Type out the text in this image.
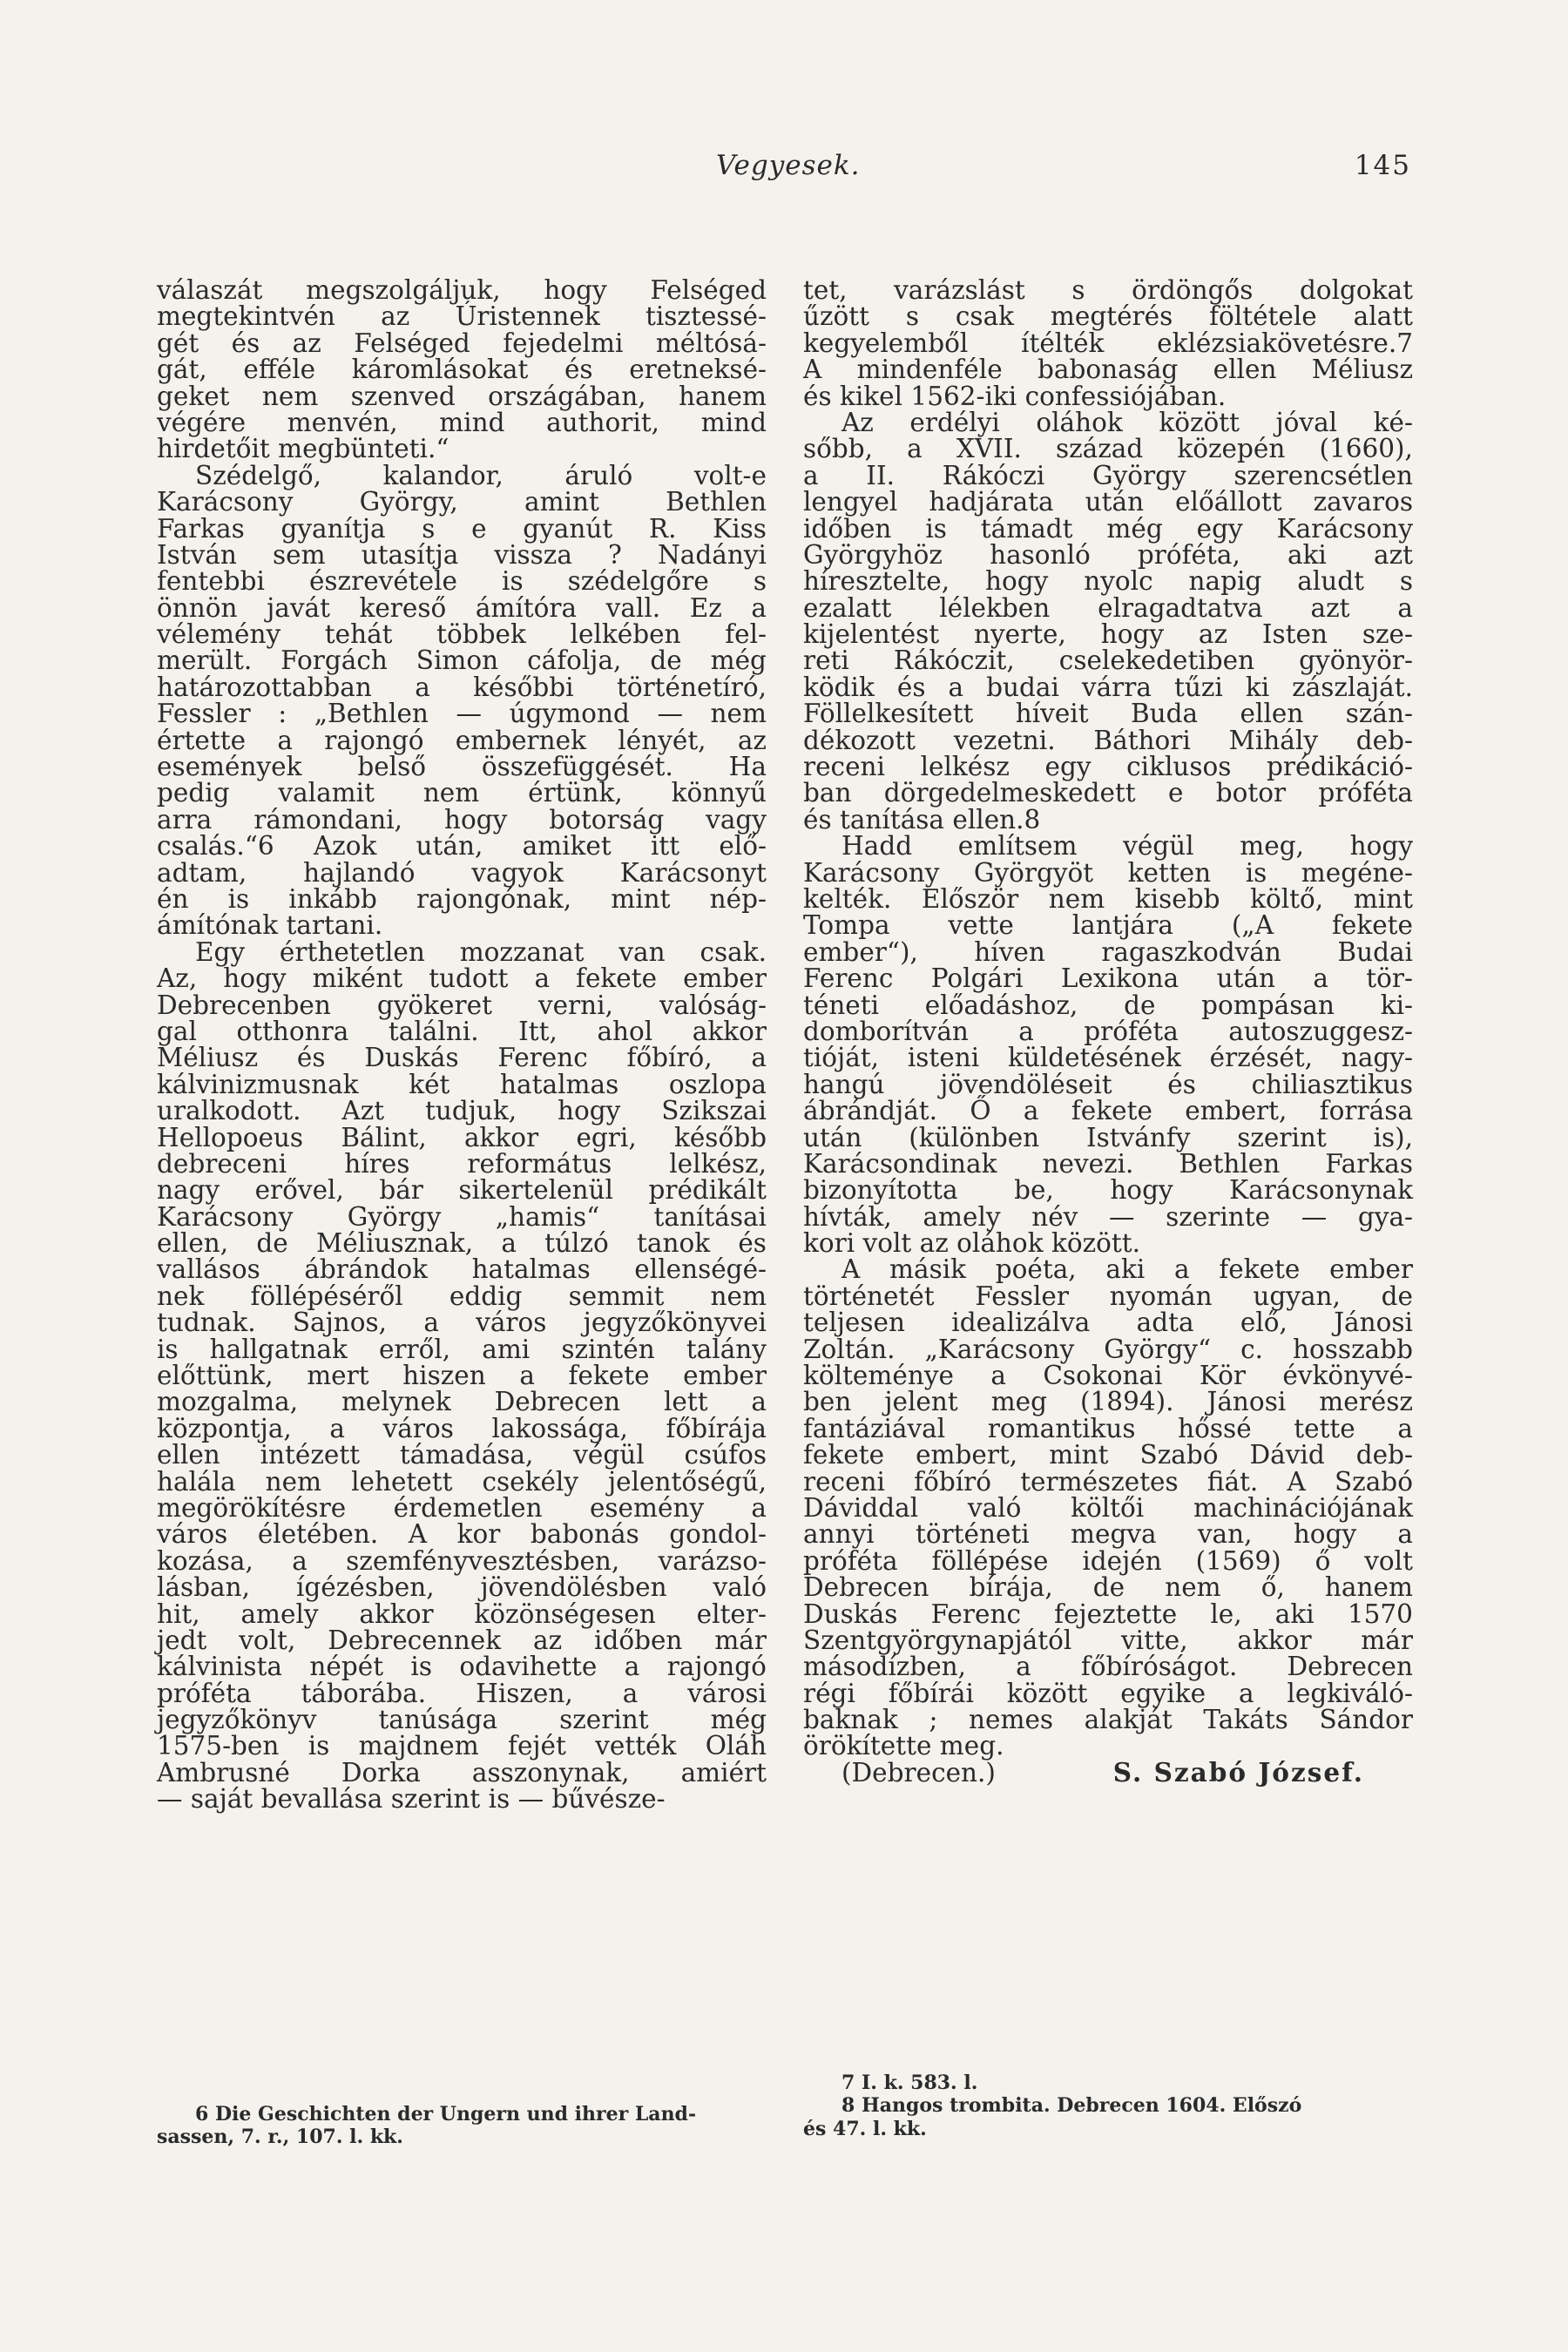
Vegyesek.	145
válaszát megszolgáljuk, hogy Felséged
megtekintvén az Úristennek tisztessé-
gét és az Felséged fejedelmi méltósá-
gát, efféle káromlásokat és eretneksé-
geket nem szenved országában, hanem
végére menvén, mind authorit, mind
hirdetőit megbünteti.“
Szédelgő, kalandor, áruló volt-e
Karácsony	György,	amint	Bethlen
Farkas gyanítja s e gyanút R. Kiss
István sem utasítja vissza ? Nadányi
fentebbi észrevétele is szédelgőre s
önnön javát kereső ámítóra vall. Ez a
vélemény tehát többek lelkében fel-
merült. Forgách Simon cáfolja, de még
határozottabban a későbbi történetíró,
Fessler : „Bethlen — úgymond — nem
értette a rajongó embernek lényét, az
események belső összefüggését. Ha
pedig valamit nem értünk, könnyű
arra rámondani, hogy botorság vagy
csalás.“6 Azok után, amiket itt elő-
adtam, hajlandó vagyok Karácsonyt
én is inkább rajongónak, mint nép-
ámítónak tartani.
Egy érthetetlen mozzanat van csak.
Az, hogy miként tudott a fekete ember
Debrecenben gyökeret verni, valóság-
gal otthonra találni. Itt, ahol akkor
Méliusz és Duskás Ferenc főbíró, a
kálvinizmusnak két hatalmas oszlopa
uralkodott. Azt tudjuk, hogy Szikszai
Hellopoeus Bálint, akkor egri, később
debreceni híres református lelkész,
nagy erővel, bár sikertelenül prédikált
Karácsony György „hamis“ tanításai
ellen, de Méliusznak, a túlzó tanok és
vallásos ábrándok hatalmas ellenségé-
nek föllépéséről eddig semmit nem
tudnak. Sajnos, a város jegyzőkönyvei
is hallgatnak erről, ami szintén talány
előttünk, mert hiszen a fekete ember
mozgalma, melynek Debrecen lett a
központja, a város lakossága, főbírája
ellen intézett támadása, végül csúfos
halála nem lehetett csekély jelentőségű,
megörökítésre érdemetlen esemény a
város életében. A kor babonás gondol-
kozása, a szemfényvesztésben, varázso-
lásban, ígézésben, jövendölésben való
hit, amely akkor közönségesen elter-
jedt volt, Debrecennek az időben már
kálvinista népét is odavihette a rajongó
próféta táborába. Hiszen, a városi
jegyzőkönyv tanúsága szerint még
1575-ben is majdnem fejét vették Oláh
Ambrusné Dorka asszonynak, amiért
— saját bevallása szerint is — bűvésze-
tet, varázslást s ördöngős dolgokat
űzött s csak megtérés föltétele alatt
kegyelemből ítélték eklézsiakövetésre.7
A mindenféle babonaság ellen Méliusz
és kikel 1562-iki confessiójában.
Az erdélyi oláhok között jóval ké-
sőbb, a XVII. század közepén (1660),
a II. Rákóczi György szerencsétlen
lengyel hadjárata után előállott zavaros
időben is támadt még egy Karácsony
Györgyhöz hasonló próféta, aki azt
híresztelte, hogy nyolc napig aludt s
ezalatt lélekben elragadtatva azt a
kijelentést nyerte, hogy az Isten sze-
reti Rákóczit, cselekedetiben gyönyör-
ködik és a budai várra tűzi ki zászlaját.
Föllelkesített híveit Buda ellen szán-
dékozott vezetni. Báthori Mihály deb-
receni lelkész egy ciklusos prédikáció-
ban dörgedelmeskedett e botor próféta
és tanítása ellen.8
Hadd említsem végül meg, hogy
Karácsony Györgyöt ketten is megéne-
kelték. Először nem kisebb költő, mint
Tompa vette lantjára („A fekete
ember“), híven ragaszkodván Budai
Ferenc Polgári Lexikona után a tör-
téneti előadáshoz, de pompásan ki-
domborítván a próféta autoszuggesz-
tióját, isteni küldetésének érzését, nagy-
hangú jövendöléseit és chiliasztikus
ábrándját. Ő a fekete embert, forrása
után (különben Istvánfy szerint is),
Karácsondinak nevezi. Bethlen Farkas
bizonyította be, hogy Karácsonynak
hívták, amely név — szerinte — gya-
kori volt az oláhok között.
A másik poéta, aki a fekete ember
történetét Fessler nyomán ugyan, de
teljesen idealizálva adta elő, Jánosi
Zoltán. „Karácsony György“ c. hosszabb
költeménye a Csokonai Kör évkönyvé-
ben jelent meg (1894). Jánosi merész
fantáziával romantikus hőssé tette a
fekete embert, mint Szabó Dávid deb-
receni főbíró természetes fiát. A Szabó
Dáviddal való költői machinációjának
annyi történeti megva van, hogy a
próféta föllépése idején (1569) ő volt
Debrecen bírája, de nem ő, hanem
Duskás Ferenc fejeztette le, aki 1570
Szentgyörgynapjától vitte, akkor már
másodízben, a főbíróságot. Debrecen
régi főbírái között egyike a legkiváló-
baknak ; nemes alakját Takáts Sándor
örökítette meg.
(Debrecen.)	S. Szabó József.
6 Die Geschichten der Ungern und ihrer Land-
sassen, 7. r., 107. l. kk.
7 I. k. 583. l.
8 Hangos trombita. Debrecen 1604. Előszó
és 47. l. kk.
